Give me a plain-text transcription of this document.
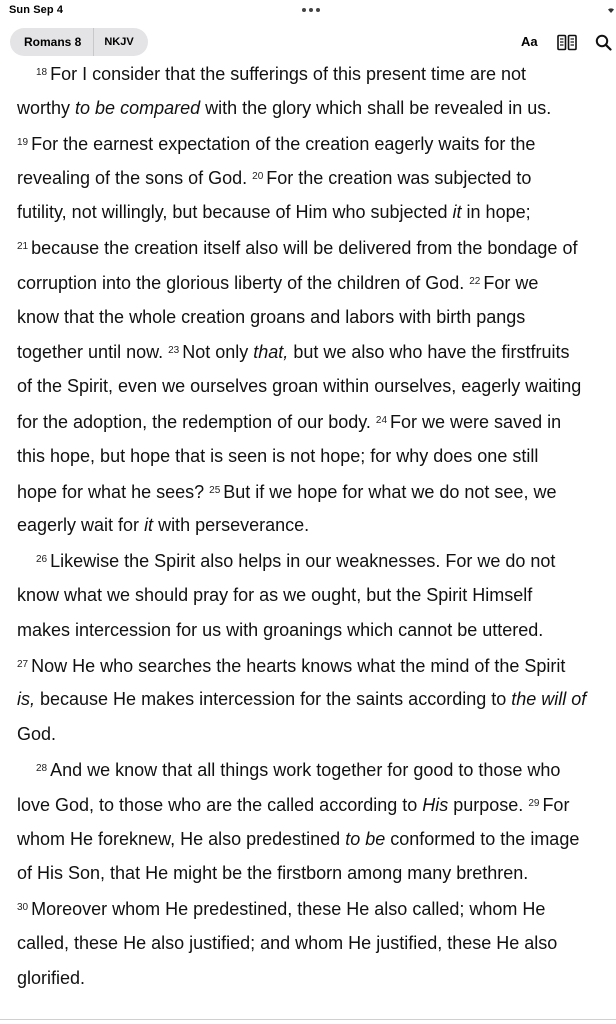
Sun Sep 4
Romans 8	NKJV	Aa
$^{18}$ For I consider that the sufferings of this present time are not
worthy to be compared with the glory which shall be revealed in us.
$^{19}$ For the earnest expectation of the creation eagerly waits for the
revealing of the sons of God. $^{20}$ For the creation was subjected to
futility, not willingly, but because of Him who subjected it in hope;
$^{21}$ because the creation itself also will be delivered from the bondage of
corruption into the glorious liberty of the children of God. $^{22}$ For we
know that the whole creation groans and labors with birth pangs
together until now. $^{23}$ Not only that, but we also who have the firstfruits
of the Spirit, even we ourselves groan within ourselves, eagerly waiting
for the adoption, the redemption of our body. $^{24}$ For we were saved in
this hope, but hope that is seen is not hope; for why does one still
hope for what he sees? $^{25}$ But if we hope for what we do not see, we
eagerly wait for it with perseverance.
$^{26}$ Likewise the Spirit also helps in our weaknesses. For we do not
know what we should pray for as we ought, but the Spirit Himself
makes intercession for us with groanings which cannot be uttered.
$^{27}$ Now He who searches the hearts knows what the mind of the Spirit
is, because He makes intercession for the saints according to the will of
God.
$^{28}$ And we know that all things work together for good to those who
love God, to those who are the called according to His purpose. $^{29}$ For
whom He foreknew, He also predestined to be conformed to the image
of His Son, that He might be the firstborn among many brethren.
$^{30}$ Moreover whom He predestined, these He also called; whom He
called, these He also justified; and whom He justified, these He also
glorified.
